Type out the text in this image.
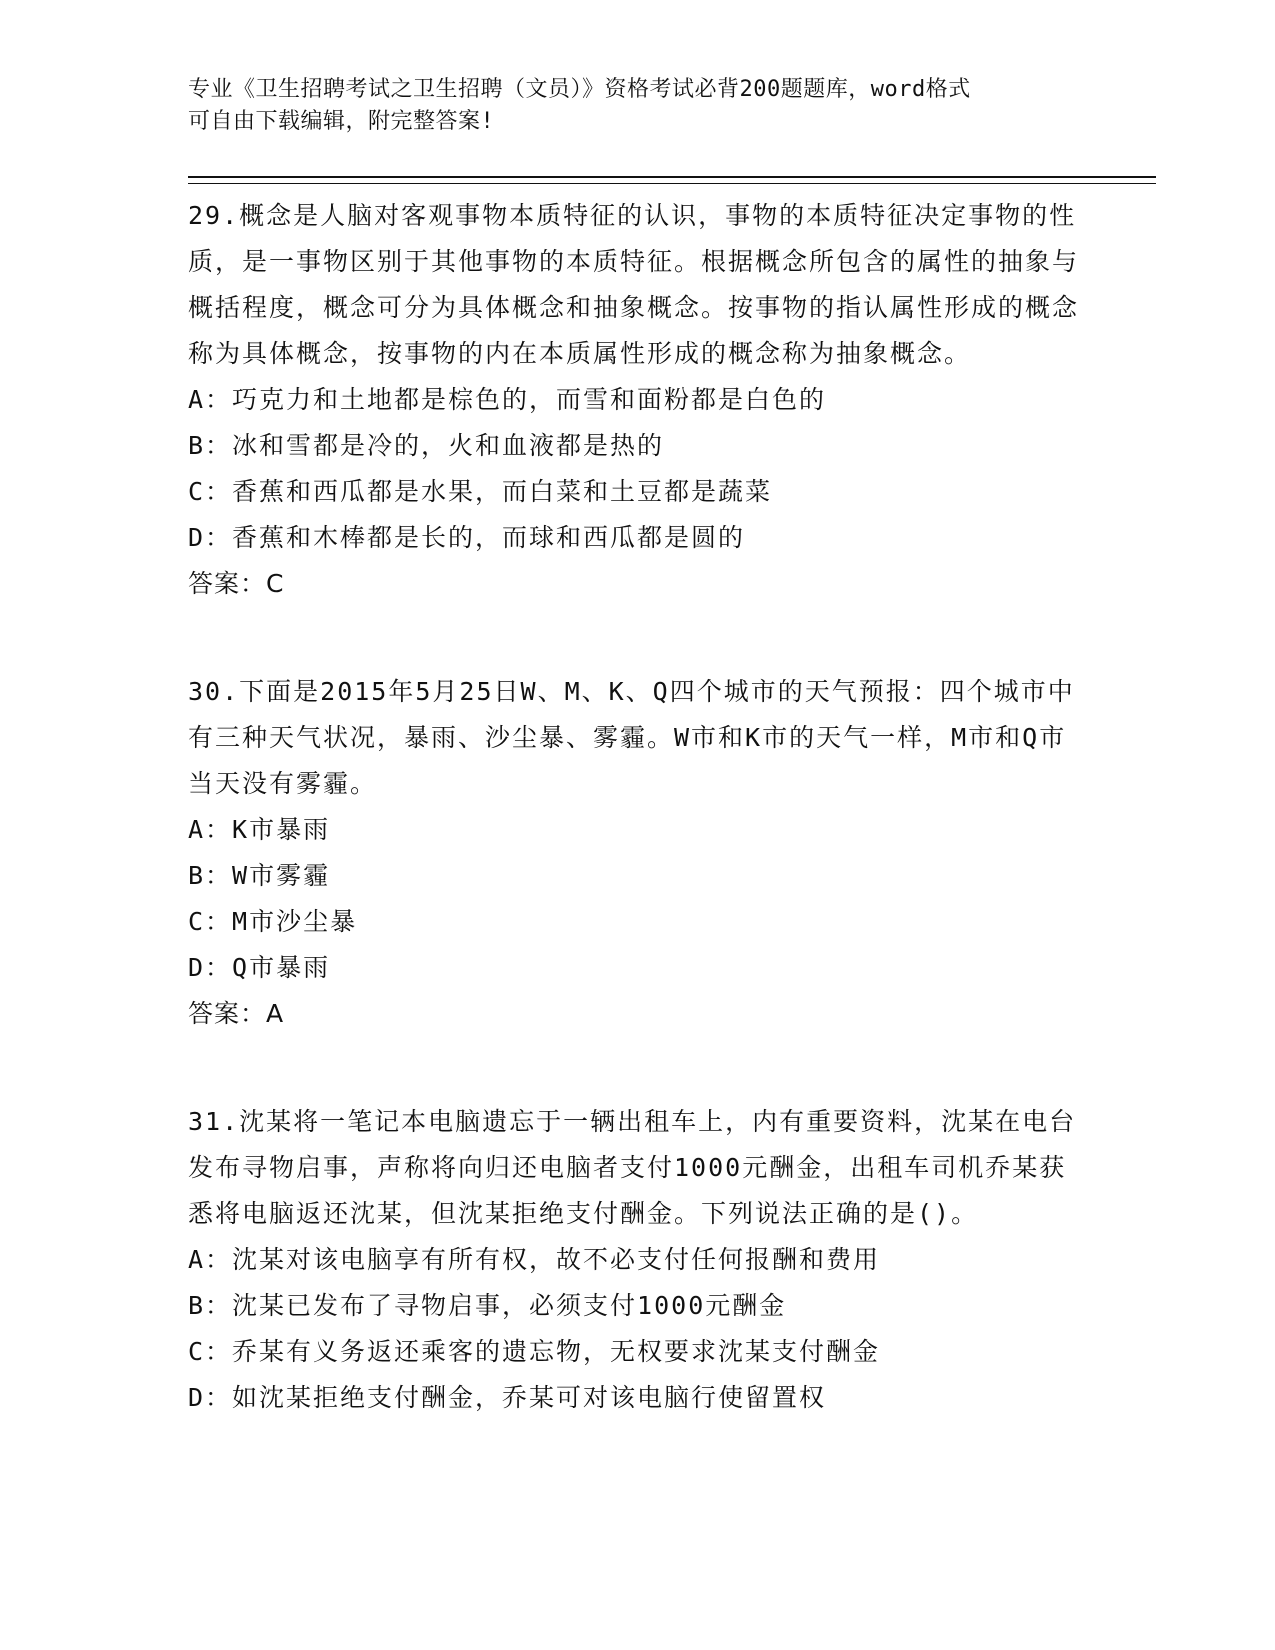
专业《卫生招聘考试之卫生招聘（文员）》资格考试必背200题题库，word格式
可自由下载编辑，附完整答案!
29.概念是人脑对客观事物本质特征的认识，事物的本质特征决定事物的性质，是一事物区别于其他事物的本质特征。根据概念所包含的属性的抽象与概括程度，概念可分为具体概念和抽象概念。按事物的指认属性形成的概念称为具体概念，按事物的内在本质属性形成的概念称为抽象概念。
A：巧克力和土地都是棕色的，而雪和面粉都是白色的
B：冰和雪都是冷的，火和血液都是热的
C：香蕉和西瓜都是水果，而白菜和土豆都是蔬菜
D：香蕉和木棒都是长的，而球和西瓜都是圆的
答案：C
30.下面是2015年5月25日W、M、K、Q四个城市的天气预报：四个城市中有三种天气状况，暴雨、沙尘暴、雾霾。W市和K市的天气一样，M市和Q市当天没有雾霾。
A：K市暴雨
B：W市雾霾
C：M市沙尘暴
D：Q市暴雨
答案：A
31.沈某将一笔记本电脑遗忘于一辆出租车上，内有重要资料，沈某在电台发布寻物启事，声称将向归还电脑者支付1000元酬金，出租车司机乔某获悉将电脑返还沈某，但沈某拒绝支付酬金。下列说法正确的是()。
A：沈某对该电脑享有所有权，故不必支付任何报酬和费用
B：沈某已发布了寻物启事，必须支付1000元酬金
C：乔某有义务返还乘客的遗忘物，无权要求沈某支付酬金
D：如沈某拒绝支付酬金，乔某可对该电脑行使留置权
